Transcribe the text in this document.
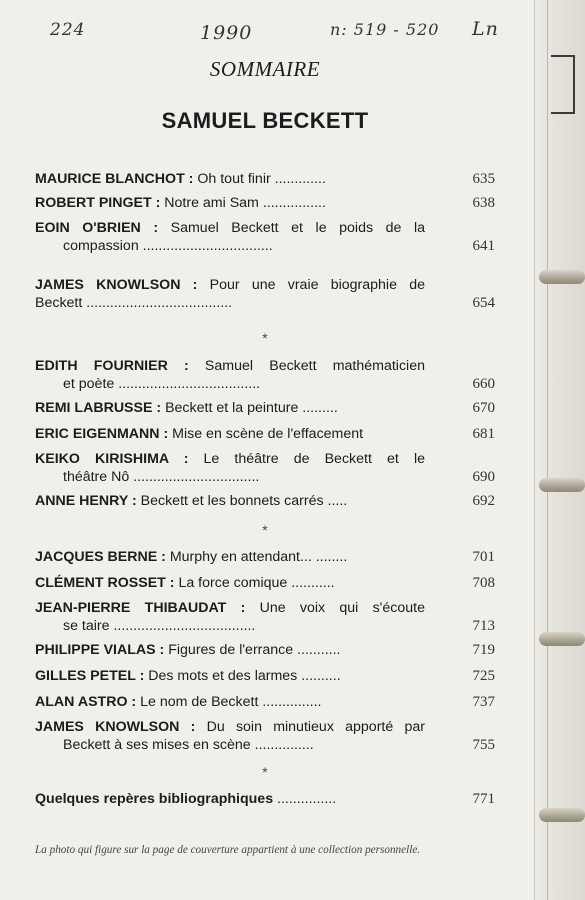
224	1990	n: 519 - 520 Ln
SOMMAIRE
SAMUEL BECKETT
MAURICE BLANCHOT : Oh tout finir .............	635
ROBERT PINGET : Notre ami Sam ................	638
EOIN O'BRIEN : Samuel Beckett et le poids de la
compassion .................................	641
JAMES KNOWLSON : Pour une vraie biographie de
Beckett .....................................	654
*
EDITH FOURNIER : Samuel Beckett mathématicien
et poète ....................................	660
REMI LABRUSSE : Beckett et la peinture .........	670
ERIC EIGENMANN : Mise en scène de l'effacement	681
KEIKO KIRISHIMA : Le théâtre de Beckett et le
théâtre Nô ................................	690
ANNE HENRY : Beckett et les bonnets carrés .....	692
*
JACQUES BERNE : Murphy en attendant... ........	701
CLÉMENT ROSSET : La force comique ...........	708
JEAN-PIERRE THIBAUDAT : Une voix qui s'écoute
se taire ....................................	713
PHILIPPE VIALAS : Figures de l'errance ...........	719
GILLES PETEL : Des mots et des larmes ..........	725
ALAN ASTRO : Le nom de Beckett ...............	737
JAMES KNOWLSON : Du soin minutieux apporté par
Beckett à ses mises en scène ...............	755
*
Quelques repères bibliographiques ...............	771
La photo qui figure sur la page de couverture appartient à une collection personnelle.
